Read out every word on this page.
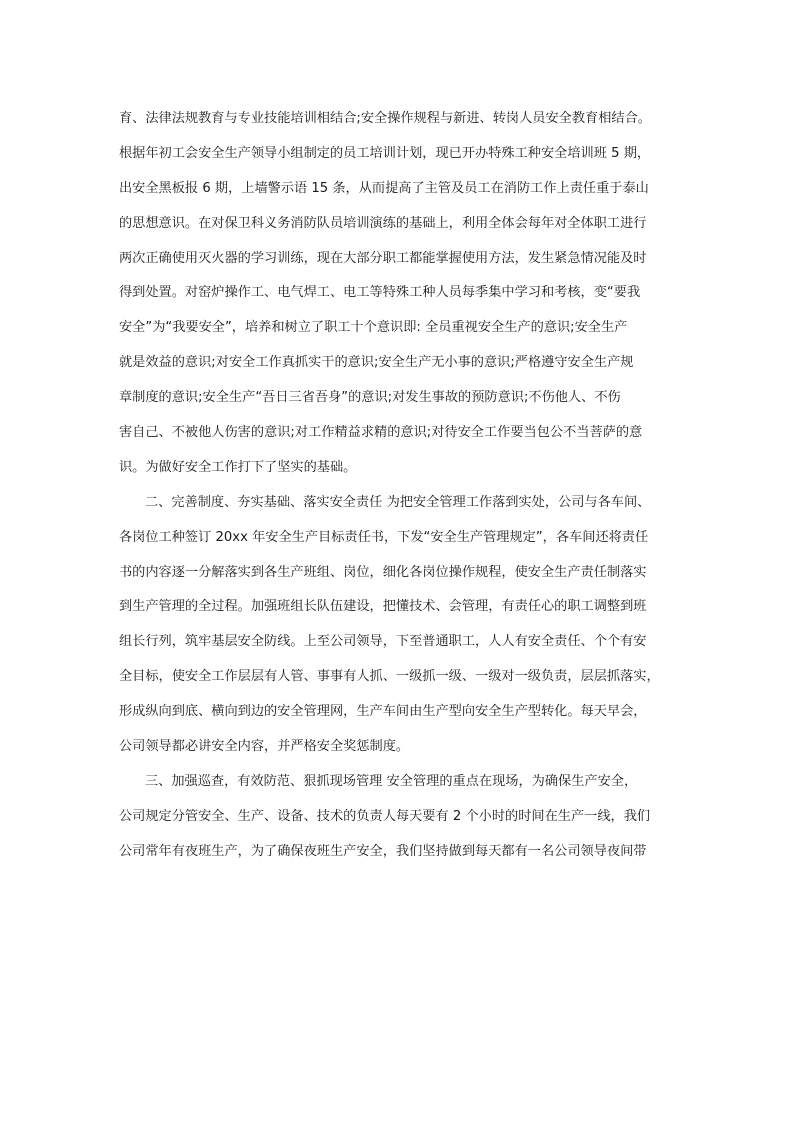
育、法律法规教育与专业技能培训相结合;安全操作规程与新进、转岗人员安全教育相结合。
根据年初工会安全生产领导小组制定的员工培训计划，现已开办特殊工种安全培训班 5 期，
出安全黑板报 6 期，上墙警示语 15 条，从而提高了主管及员工在消防工作上责任重于泰山
的思想意识。在对保卫科义务消防队员培训演练的基础上，利用全体会每年对全体职工进行
两次正确使用灭火器的学习训练，现在大部分职工都能掌握使用方法，发生紧急情况能及时
得到处置。对窑炉操作工、电气焊工、电工等特殊工种人员每季集中学习和考核，变“要我
安全”为“我要安全”，培养和树立了职工十个意识即: 全员重视安全生产的意识;安全生产
就是效益的意识;对安全工作真抓实干的意识;安全生产无小事的意识;严格遵守安全生产规
章制度的意识;安全生产“吾日三省吾身”的意识;对发生事故的预防意识;不伤他人、不伤
害自己、不被他人伤害的意识;对工作精益求精的意识;对待安全工作要当包公不当菩萨的意
识。为做好安全工作打下了坚实的基础。
二、完善制度、夯实基础、落实安全责任 为把安全管理工作落到实处，公司与各车间、
各岗位工种签订 20xx 年安全生产目标责任书，下发“安全生产管理规定”，各车间还将责任
书的内容逐一分解落实到各生产班组、岗位，细化各岗位操作规程，使安全生产责任制落实
到生产管理的全过程。加强班组长队伍建设，把懂技术、会管理，有责任心的职工调整到班
组长行列，筑牢基层安全防线。上至公司领导，下至普通职工，人人有安全责任、个个有安
全目标，使安全工作层层有人管、事事有人抓、一级抓一级、一级对一级负责，层层抓落实，
形成纵向到底、横向到边的安全管理网，生产车间由生产型向安全生产型转化。每天早会，
公司领导都必讲安全内容，并严格安全奖惩制度。
三、加强巡查，有效防范、狠抓现场管理 安全管理的重点在现场，为确保生产安全，
公司规定分管安全、生产、设备、技术的负责人每天要有 2 个小时的时间在生产一线，我们
公司常年有夜班生产，为了确保夜班生产安全，我们坚持做到每天都有一名公司领导夜间带
